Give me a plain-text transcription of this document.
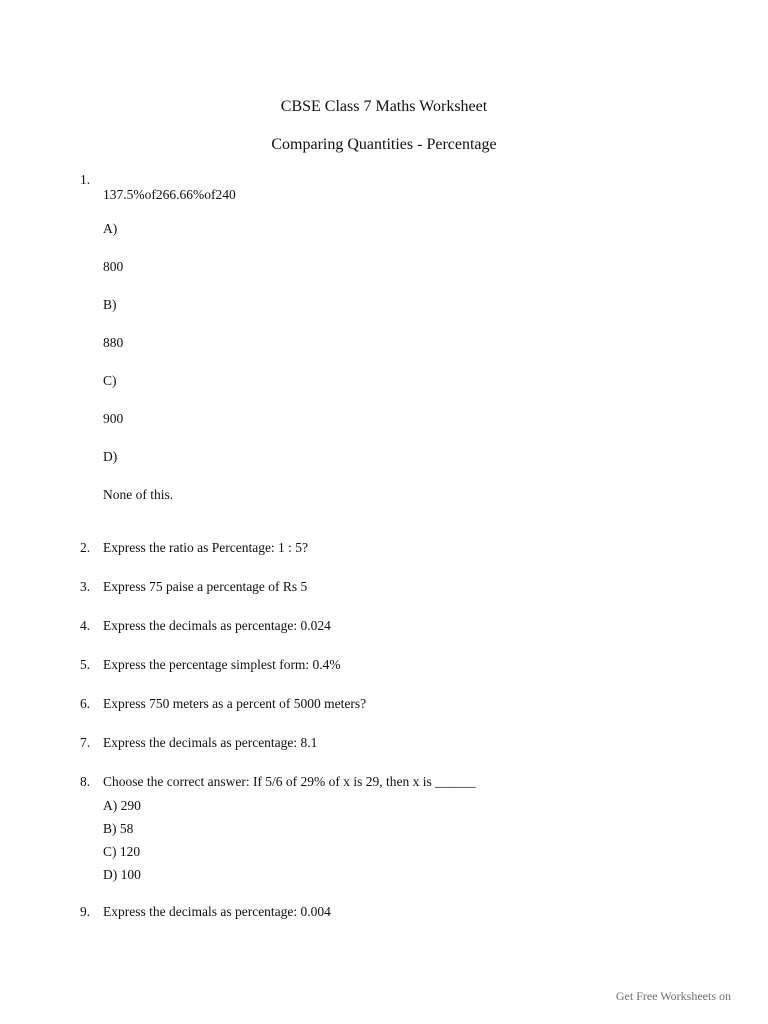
CBSE Class 7 Maths Worksheet
Comparing Quantities - Percentage
1.
137.5%of266.66%of240
A)
800
B)
880
C)
900
D)
None of this.
2. Express the ratio as Percentage: 1 : 5?
3. Express 75 paise a percentage of Rs 5
4. Express the decimals as percentage: 0.024
5. Express the percentage simplest form: 0.4%
6. Express 750 meters as a percent of 5000 meters?
7. Express the decimals as percentage: 8.1
8. Choose the correct answer: If 5/6 of 29% of x is 29, then x is ______
A) 290
B) 58
C) 120
D) 100
9. Express the decimals as percentage: 0.004
Get Free Worksheets on
